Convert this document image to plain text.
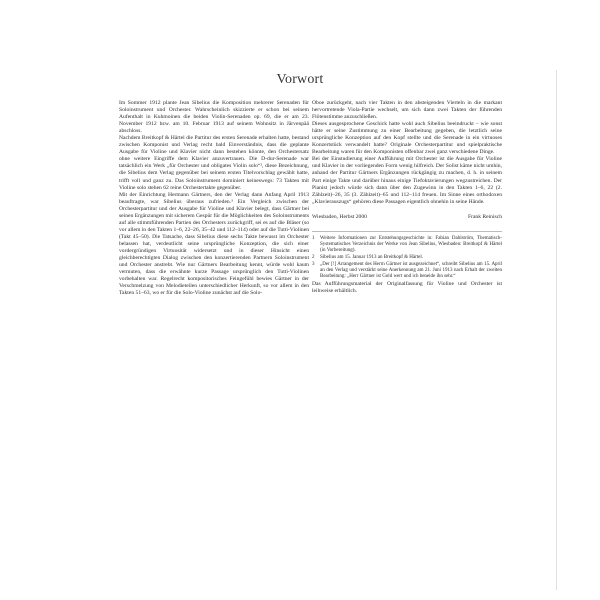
Vorwort

Im Sommer 1912 plante Jean Sibelius die Komposition mehrerer Serenaden für Soloinstrument und Orchester. Wahrscheinlich skizzierte er schon bei seinem Aufenthalt in Kuhmoinen die beiden Violin-Serenaden op. 69, die er am 23. November 1912 bzw. am 10. Februar 1913 auf seinem Wohnsitz in Järvenpää abschloss.

Nachdem Breitkopf & Härtel die Partitur des ersten Serenade erhalten hatte, bestand zwischen Komponist und Verlag recht bald Einverständnis, dass die geplante Ausgabe für Violine und Klavier nicht dann bestehen könnte, den Orchestersatz ohne weitere Eingriffe dem Klavier anzuvertrauen. Die D-dur-Serenade war tatsächlich ein Werk „für Orchester und obligates Violin solo“², diese Bezeichnung, die Sibelius dem Verlag gegenüber bei seinem ersten Titelvorschlag gewählt hatte, trifft voll und ganz zu. Das Soloinstrument dominiert keineswegs: 73 Takten mit Violine solo stehen 62 reine Orchestertakte gegenüber.

Mit der Einrichtung Hermann Gärtners, den der Verlag dann Anfang April 1913 beauftragte, war Sibelius überaus zufrieden.³ Ein Vergleich zwischen der Orchesterpartitur und der Ausgabe für Violine und Klavier belegt, dass Gärtner bei seinen Ergänzungen mit sicherem Gespür für die Möglichkeiten des Soloinstruments auf alle stimmführenden Partien des Orchesters zurückgriff, sei es auf die Bläser (so vor allem in den Takten 1–6, 22–26, 35–42 und 112–114) oder auf die Tutti-Violinen (Takt 45–50). Die Tatsache, dass Sibelius diese sechs Takte bewusst im Orchester belassen hat, verdeutlicht seine ursprüngliche Konzeption, die sich einer vordergründigen Virtuosität widersetzt und in dieser Hinsicht einen gleichberechtigten Dialog zwischen den konzertierenden Partnern Soloinstrument und Orchester anstrebt. Wie nur Gärtners Bearbeitung kennt, würde wohl kaum vermuten, dass die erwähnte kurze Passage ursprünglich den Tutti-Violinen vorbehalten war. Regelrecht kompositorisches Feingefühl bewies Gärtner in der Verschmelzung von Melodieteilen unterschiedlicher Herkunft, so vor allem in den Takten 51–63, wo er für die Solo-Violine zunächst auf die Solo-

Oboe zurückgeht, nach vier Takten in den absteigenden Vierteln in die markant hervortretende Viola-Partie wechselt, um sich dann zwei Takten der führenden Flötenstimme anzuschließen.

Dieses ausgesprochene Geschick hatte wohl auch Sibelius beeindruckt – wie sonst hätte er seine Zustimmung zu einer Bearbeitung gegeben, die letztlich seine ursprüngliche Konzeption auf den Kopf stellte und die Serenade in ein virtuoses Konzertstück verwandelt hatte? Originale Orchesterpartitur und spielpraktische Bearbeitung waren für den Komponisten offenbar zwei ganz verschiedene Dinge.

Bei der Einstudierung einer Aufführung mit Orchester ist die Ausgabe für Violine und Klavier in der vorliegenden Form wenig hilfreich. Der Solist käme nicht umhin, anhand der Partitur Gärtners Ergänzungen rückgängig zu machen, d. h. in seinem Part einige Takte und darüber hinaus einige Tiefoktavierungen wegzustreichen. Der Pianist jedoch würde sich dann über den Zugewinn in den Takten 1–6, 22 (2. Zählzeit)–26, 35 (3. Zählzeit)–65 und 112–114 freuen. Im Sinne eines orthodoxen „Klavierauszugs“ gehören diese Passagen eigentlich ohnehin in seine Hände.

Wiesbaden, Herbst 2000	Frank Reinisch
1	Weitere Informationen zur Entstehungsgeschichte in: Fabian Dahlström, Thematisch-Systematisches Verzeichnis der Werke von Jean Sibelius, Wiesbaden: Breitkopf & Härtel (in Vorbereitung).
2	Sibelius am 15. Januar 1913 an Breitkopf & Härtel.
3	„Der [!] Arrangement des Herrn Gärtner ist ausgezeichnet“, schreibt Sibelius am 15. April an den Verlag und verstärkt seine Anerkennung am 21. Juni 1913 nach Erhalt der zweiten Bearbeitung: „Herr Gärtner ist Gold wert und ich beneide ihn sehr.“

Das Aufführungsmaterial der Originalfassung für Violine und Orchester ist leihweise erhältlich.
